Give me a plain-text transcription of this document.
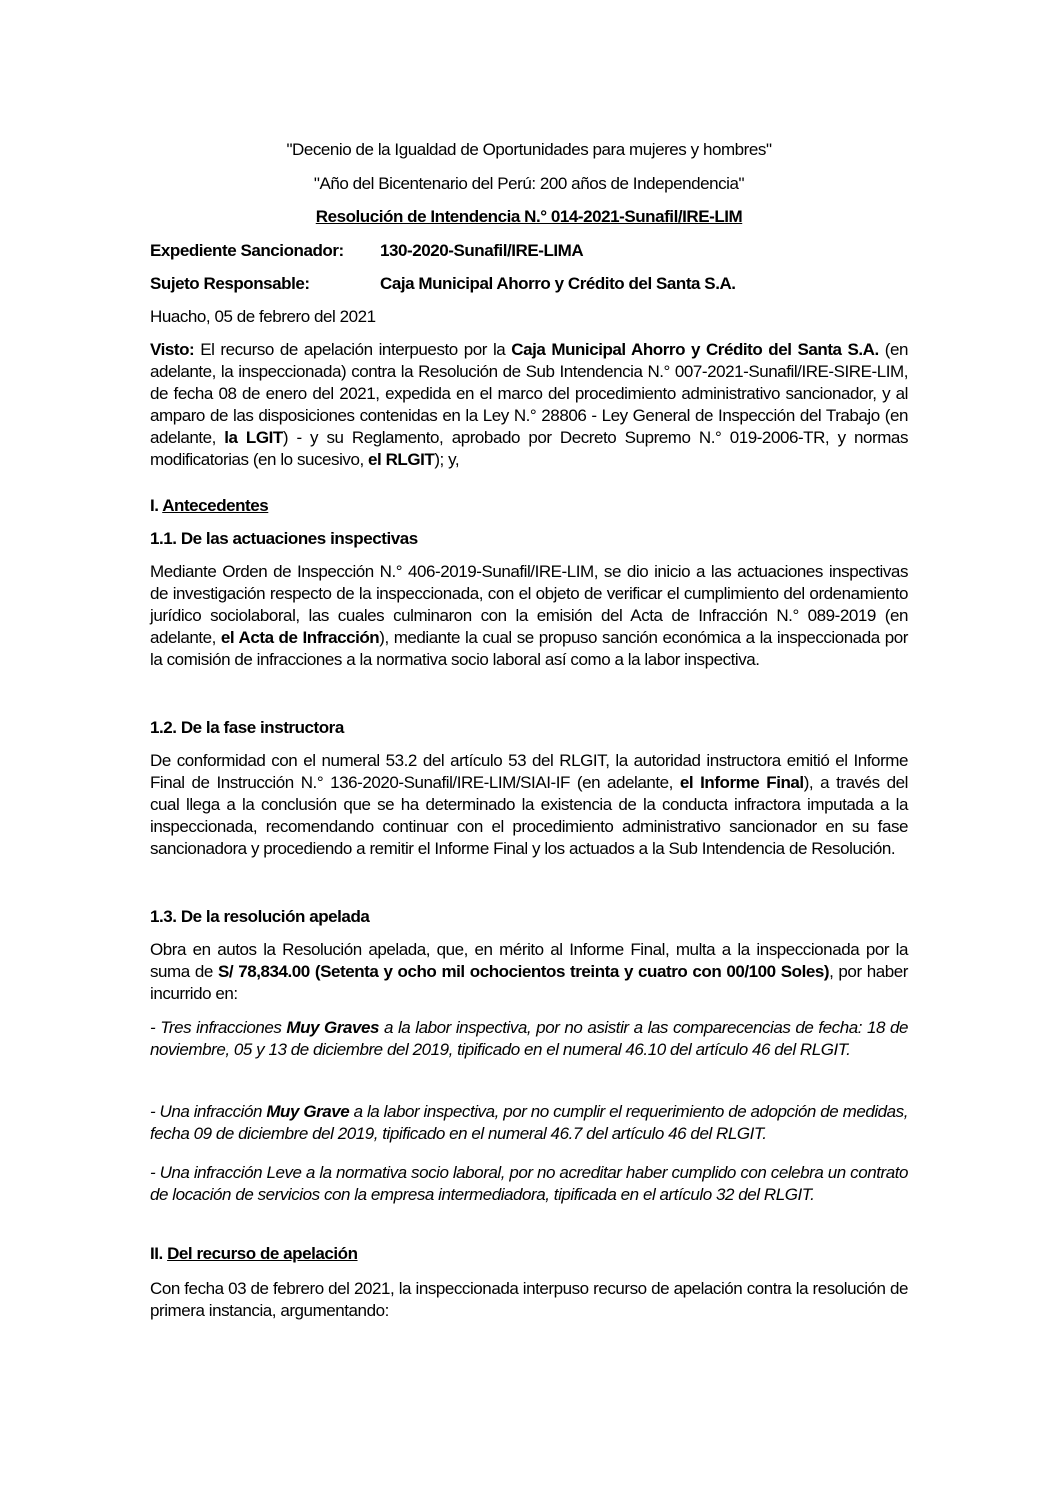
"Decenio de la Igualdad de Oportunidades para mujeres y hombres"
"Año del Bicentenario del Perú: 200 años de Independencia"
Resolución de Intendencia N.° 014-2021-Sunafil/IRE-LIM
Expediente Sancionador: 130-2020-Sunafil/IRE-LIMA
Sujeto Responsable:	Caja Municipal Ahorro y Crédito del Santa S.A.
Huacho, 05 de febrero del 2021
Visto: El recurso de apelación interpuesto por la Caja Municipal Ahorro y Crédito del Santa S.A. (en adelante, la inspeccionada) contra la Resolución de Sub Intendencia N.° 007-2021-Sunafil/IRE-SIRE-LIM, de fecha 08 de enero del 2021, expedida en el marco del procedimiento administrativo sancionador, y al amparo de las disposiciones contenidas en la Ley N.° 28806 - Ley General de Inspección del Trabajo (en adelante, la LGIT) - y su Reglamento, aprobado por Decreto Supremo N.° 019-2006-TR, y normas modificatorias (en lo sucesivo, el RLGIT); y,
I. Antecedentes
1.1. De las actuaciones inspectivas
Mediante Orden de Inspección N.° 406-2019-Sunafil/IRE-LIM, se dio inicio a las actuaciones inspectivas de investigación respecto de la inspeccionada, con el objeto de verificar el cumplimiento del ordenamiento jurídico sociolaboral, las cuales culminaron con la emisión del Acta de Infracción N.° 089-2019 (en adelante, el Acta de Infracción), mediante la cual se propuso sanción económica a la inspeccionada por la comisión de infracciones a la normativa socio laboral así como a la labor inspectiva.
1.2. De la fase instructora
De conformidad con el numeral 53.2 del artículo 53 del RLGIT, la autoridad instructora emitió el Informe Final de Instrucción N.° 136-2020-Sunafil/IRE-LIM/SIAI-IF (en adelante, el Informe Final), a través del cual llega a la conclusión que se ha determinado la existencia de la conducta infractora imputada a la inspeccionada, recomendando continuar con el procedimiento administrativo sancionador en su fase sancionadora y procediendo a remitir el Informe Final y los actuados a la Sub Intendencia de Resolución.
1.3. De la resolución apelada
Obra en autos la Resolución apelada, que, en mérito al Informe Final, multa a la inspeccionada por la suma de S/ 78,834.00 (Setenta y ocho mil ochocientos treinta y cuatro con 00/100 Soles), por haber incurrido en:
- Tres infracciones Muy Graves a la labor inspectiva, por no asistir a las comparecencias de fecha: 18 de noviembre, 05 y 13 de diciembre del 2019, tipificado en el numeral 46.10 del artículo 46 del RLGIT.
- Una infracción Muy Grave a la labor inspectiva, por no cumplir el requerimiento de adopción de medidas, fecha 09 de diciembre del 2019, tipificado en el numeral 46.7 del artículo 46 del RLGIT.
- Una infracción Leve a la normativa socio laboral, por no acreditar haber cumplido con celebra un contrato de locación de servicios con la empresa intermediadora, tipificada en el artículo 32 del RLGIT.
II. Del recurso de apelación
Con fecha 03 de febrero del 2021, la inspeccionada interpuso recurso de apelación contra la resolución de primera instancia, argumentando:
